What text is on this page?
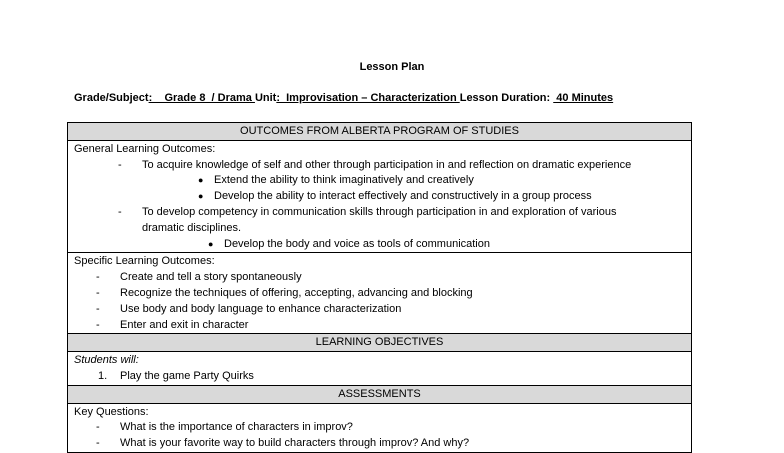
Lesson Plan
Grade/Subject:    Grade 8  / Drama Unit:  Improvisation – Characterization Lesson Duration:  40 Minutes
OUTCOMES FROM ALBERTA PROGRAM OF STUDIES

General Learning Outcomes:
- To acquire knowledge of self and other through participation in and reflection on dramatic experience
● Extend the ability to think imaginatively and creatively
● Develop the ability to interact effectively and constructively in a group process
- To develop competency in communication skills through participation in and exploration of various
dramatic disciplines.
● Develop the body and voice as tools of communication

Specific Learning Outcomes:
- Create and tell a story spontaneously
- Recognize the techniques of offering, accepting, advancing and blocking
- Use body and body language to enhance characterization
- Enter and exit in character

LEARNING OBJECTIVES

Students will:
1. Play the game Party Quirks

ASSESSMENTS

Key Questions:
- What is the importance of characters in improv?
- What is your favorite way to build characters through improv? And why?
